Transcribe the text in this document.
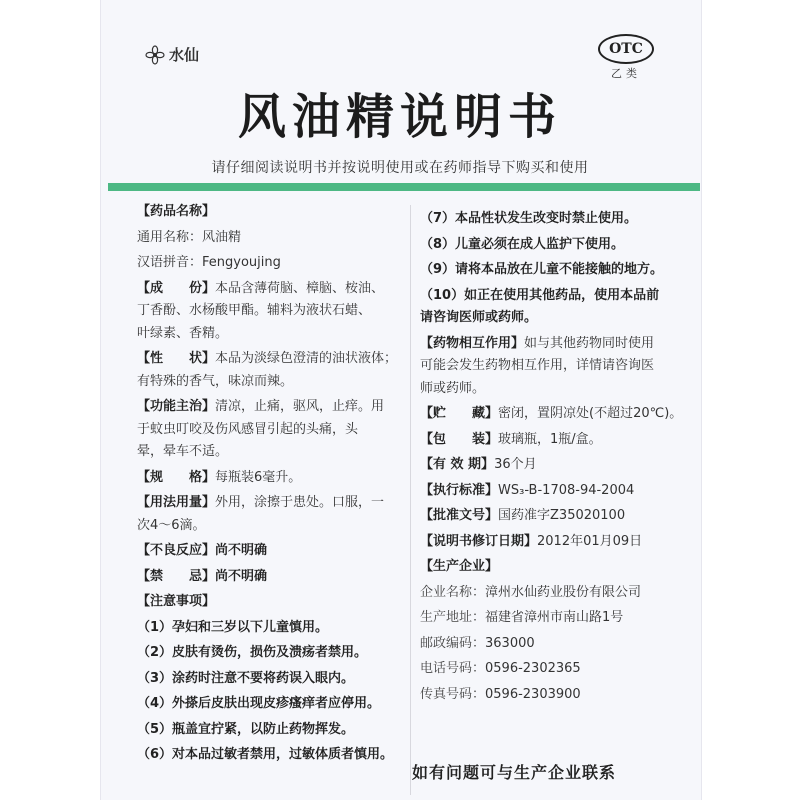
水仙	OTC
乙类
风油精说明书
请仔细阅读说明书并按说明使用或在药师指导下购买和使用
【药品名称】
通用名称：风油精
汉语拼音：Fengyoujing
【成　　份】本品含薄荷脑、樟脑、桉油、
丁香酚、水杨酸甲酯。辅料为液状石蜡、
叶绿素、香精。
【性　　状】本品为淡绿色澄清的油状液体；
有特殊的香气，味凉而辣。
【功能主治】清凉，止痛，驱风，止痒。用
于蚊虫叮咬及伤风感冒引起的头痛，头
晕，晕车不适。
【规　　格】每瓶装6毫升。
【用法用量】外用，涂擦于患处。口服，一
次4～6滴。
【不良反应】尚不明确
【禁　　忌】尚不明确
【注意事项】
（1）孕妇和三岁以下儿童慎用。
（2）皮肤有烫伤，损伤及溃疡者禁用。
（3）涂药时注意不要将药误入眼内。
（4）外搽后皮肤出现皮疹瘙痒者应停用。
（5）瓶盖宜拧紧，以防止药物挥发。
（6）对本品过敏者禁用，过敏体质者慎用。
（7）本品性状发生改变时禁止使用。
（8）儿童必须在成人监护下使用。
（9）请将本品放在儿童不能接触的地方。
（10）如正在使用其他药品，使用本品前
请咨询医师或药师。
【药物相互作用】如与其他药物同时使用
可能会发生药物相互作用，详情请咨询医
师或药师。
【贮　　藏】密闭，置阴凉处(不超过20℃)。
【包　　装】玻璃瓶，1瓶/盒。
【有 效 期】36个月
【执行标准】WS₃-B-1708-94-2004
【批准文号】国药准字Z35020100
【说明书修订日期】2012年01月09日
【生产企业】
企业名称：漳州水仙药业股份有限公司
生产地址：福建省漳州市南山路1号
邮政编码：363000
电话号码：0596-2302365
传真号码：0596-2303900
如有问题可与生产企业联系
